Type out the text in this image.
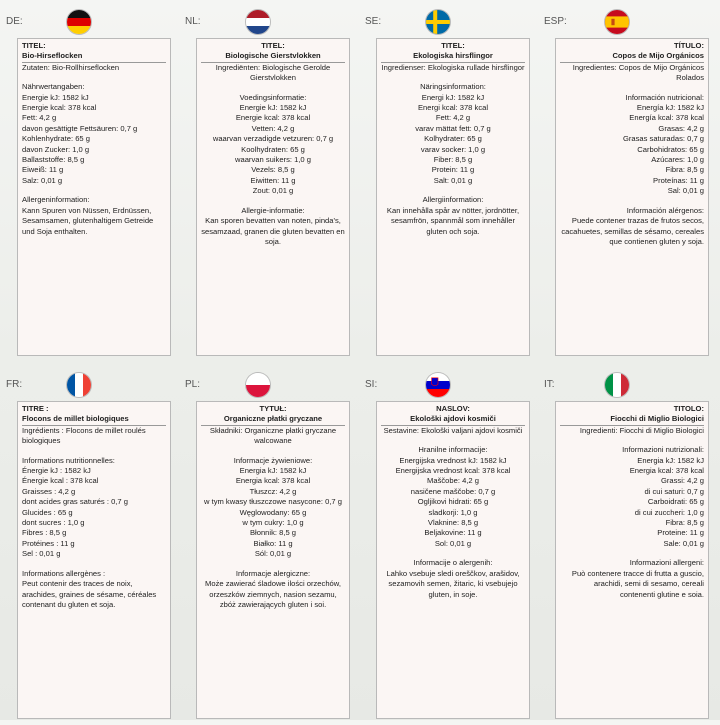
DE:
TITEL:
Bio-Hirseflocken
Zutaten: Bio-Rollhirseflocken
Nährwertangaben:
Energie kJ: 1582 kJ
Energie kcal: 378 kcal
Fett: 4,2 g
davon gesättigte Fettsäuren: 0,7 g
Kohlenhydrate: 65 g
davon Zucker: 1,0 g
Ballaststoffe: 8,5 g
Eiweiß: 11 g
Salz: 0,01 g
Allergeninformation:
Kann Spuren von Nüssen, Erdnüssen, Sesamsamen, glutenhaltigem Getreide und Soja enthalten.
NL:
TITEL:
Biologische Gierstvlokken
Ingrediënten: Biologische Gerolde Gierstvlokken
Voedingsinformatie:
Energie kJ: 1582 kJ
Energie kcal: 378 kcal
Vetten: 4,2 g
waarvan verzadigde vetzuren: 0,7 g
Koolhydraten: 65 g
waarvan suikers: 1,0 g
Vezels: 8,5 g
Eiwitten: 11 g
Zout: 0,01 g
Allergie-informatie:
Kan sporen bevatten van noten, pinda's, sesamzaad, granen die gluten bevatten en soja.
SE:
TITEL:
Ekologiska hirsflingor
Ingredienser: Ekologiska rullade hirsflingor
Näringsinformation:
Energi kJ: 1582 kJ
Energi kcal: 378 kcal
Fett: 4,2 g
varav mättat fett: 0,7 g
Kolhydrater: 65 g
varav socker: 1,0 g
Fiber: 8,5 g
Protein: 11 g
Salt: 0,01 g
Allergiinformation:
Kan innehålla spår av nötter, jordnötter, sesamfrön, spannmål som innehåller gluten och soja.
ESP:
TÍTULO:
Copos de Mijo Orgánicos
Ingredientes: Copos de Mijo Orgánicos Rolados
Información nutricional:
Energía kJ: 1582 kJ
Energía kcal: 378 kcal
Grasas: 4,2 g
Grasas saturadas: 0,7 g
Carbohidratos: 65 g
Azúcares: 1,0 g
Fibra: 8,5 g
Proteínas: 11 g
Sal: 0,01 g
Información alérgenos:
Puede contener trazas de frutos secos, cacahuetes, semillas de sésamo, cereales que contienen gluten y soja.
FR:
TITRE :
Flocons de millet biologiques
Ingrédients : Flocons de millet roulés biologiques
Informations nutritionnelles:
Énergie kJ : 1582 kJ
Énergie kcal : 378 kcal
Graisses : 4,2 g
dont acides gras saturés : 0,7 g
Glucides : 65 g
dont sucres : 1,0 g
Fibres : 8,5 g
Protéines : 11 g
Sel : 0,01 g
Informations allergènes :
Peut contenir des traces de noix, arachides, graines de sésame, céréales contenant du gluten et soja.
PL:
TYTUŁ:
Organiczne płatki gryczane
Składniki: Organiczne płatki gryczane walcowane
Informacje żywieniowe:
Energia kJ: 1582 kJ
Energia kcal: 378 kcal
Tłuszcz: 4,2 g
w tym kwasy tłuszczowe nasycone: 0,7 g
Węglowodany: 65 g
w tym cukry: 1,0 g
Błonnik: 8,5 g
Białko: 11 g
Sól: 0,01 g
Informacje alergiczne:
Może zawierać śladowe ilości orzechów, orzeszków ziemnych, nasion sezamu, zbóż zawierających gluten i soi.
SI:
NASLOV:
Ekološki ajdovi kosmiči
Sestavine: Ekološki valjani ajdovi kosmiči
Hranilne informacije:
Energijska vrednost kJ: 1582 kJ
Energijska vrednost kcal: 378 kcal
Maščobe: 4,2 g
nasičene maščobe: 0,7 g
Ogljikovi hidrati: 65 g
sladkorji: 1,0 g
Vlaknine: 8,5 g
Beljakovine: 11 g
Sol: 0,01 g
Informacije o alergenih:
Lahko vsebuje sledi oreščkov, arašidov, sezamovih semen, žitaric, ki vsebujejo gluten, in soje.
IT:
TITOLO:
Fiocchi di Miglio Biologici
Ingredienti: Fiocchi di Miglio Biologici
Informazioni nutrizionali:
Energia kJ: 1582 kJ
Energia kcal: 378 kcal
Grassi: 4,2 g
di cui saturi: 0,7 g
Carboidrati: 65 g
di cui zuccheri: 1,0 g
Fibra: 8,5 g
Proteine: 11 g
Sale: 0,01 g
Informazioni allergeni:
Può contenere tracce di frutta a guscio, arachidi, semi di sesamo, cereali contenenti glutine e soia.
